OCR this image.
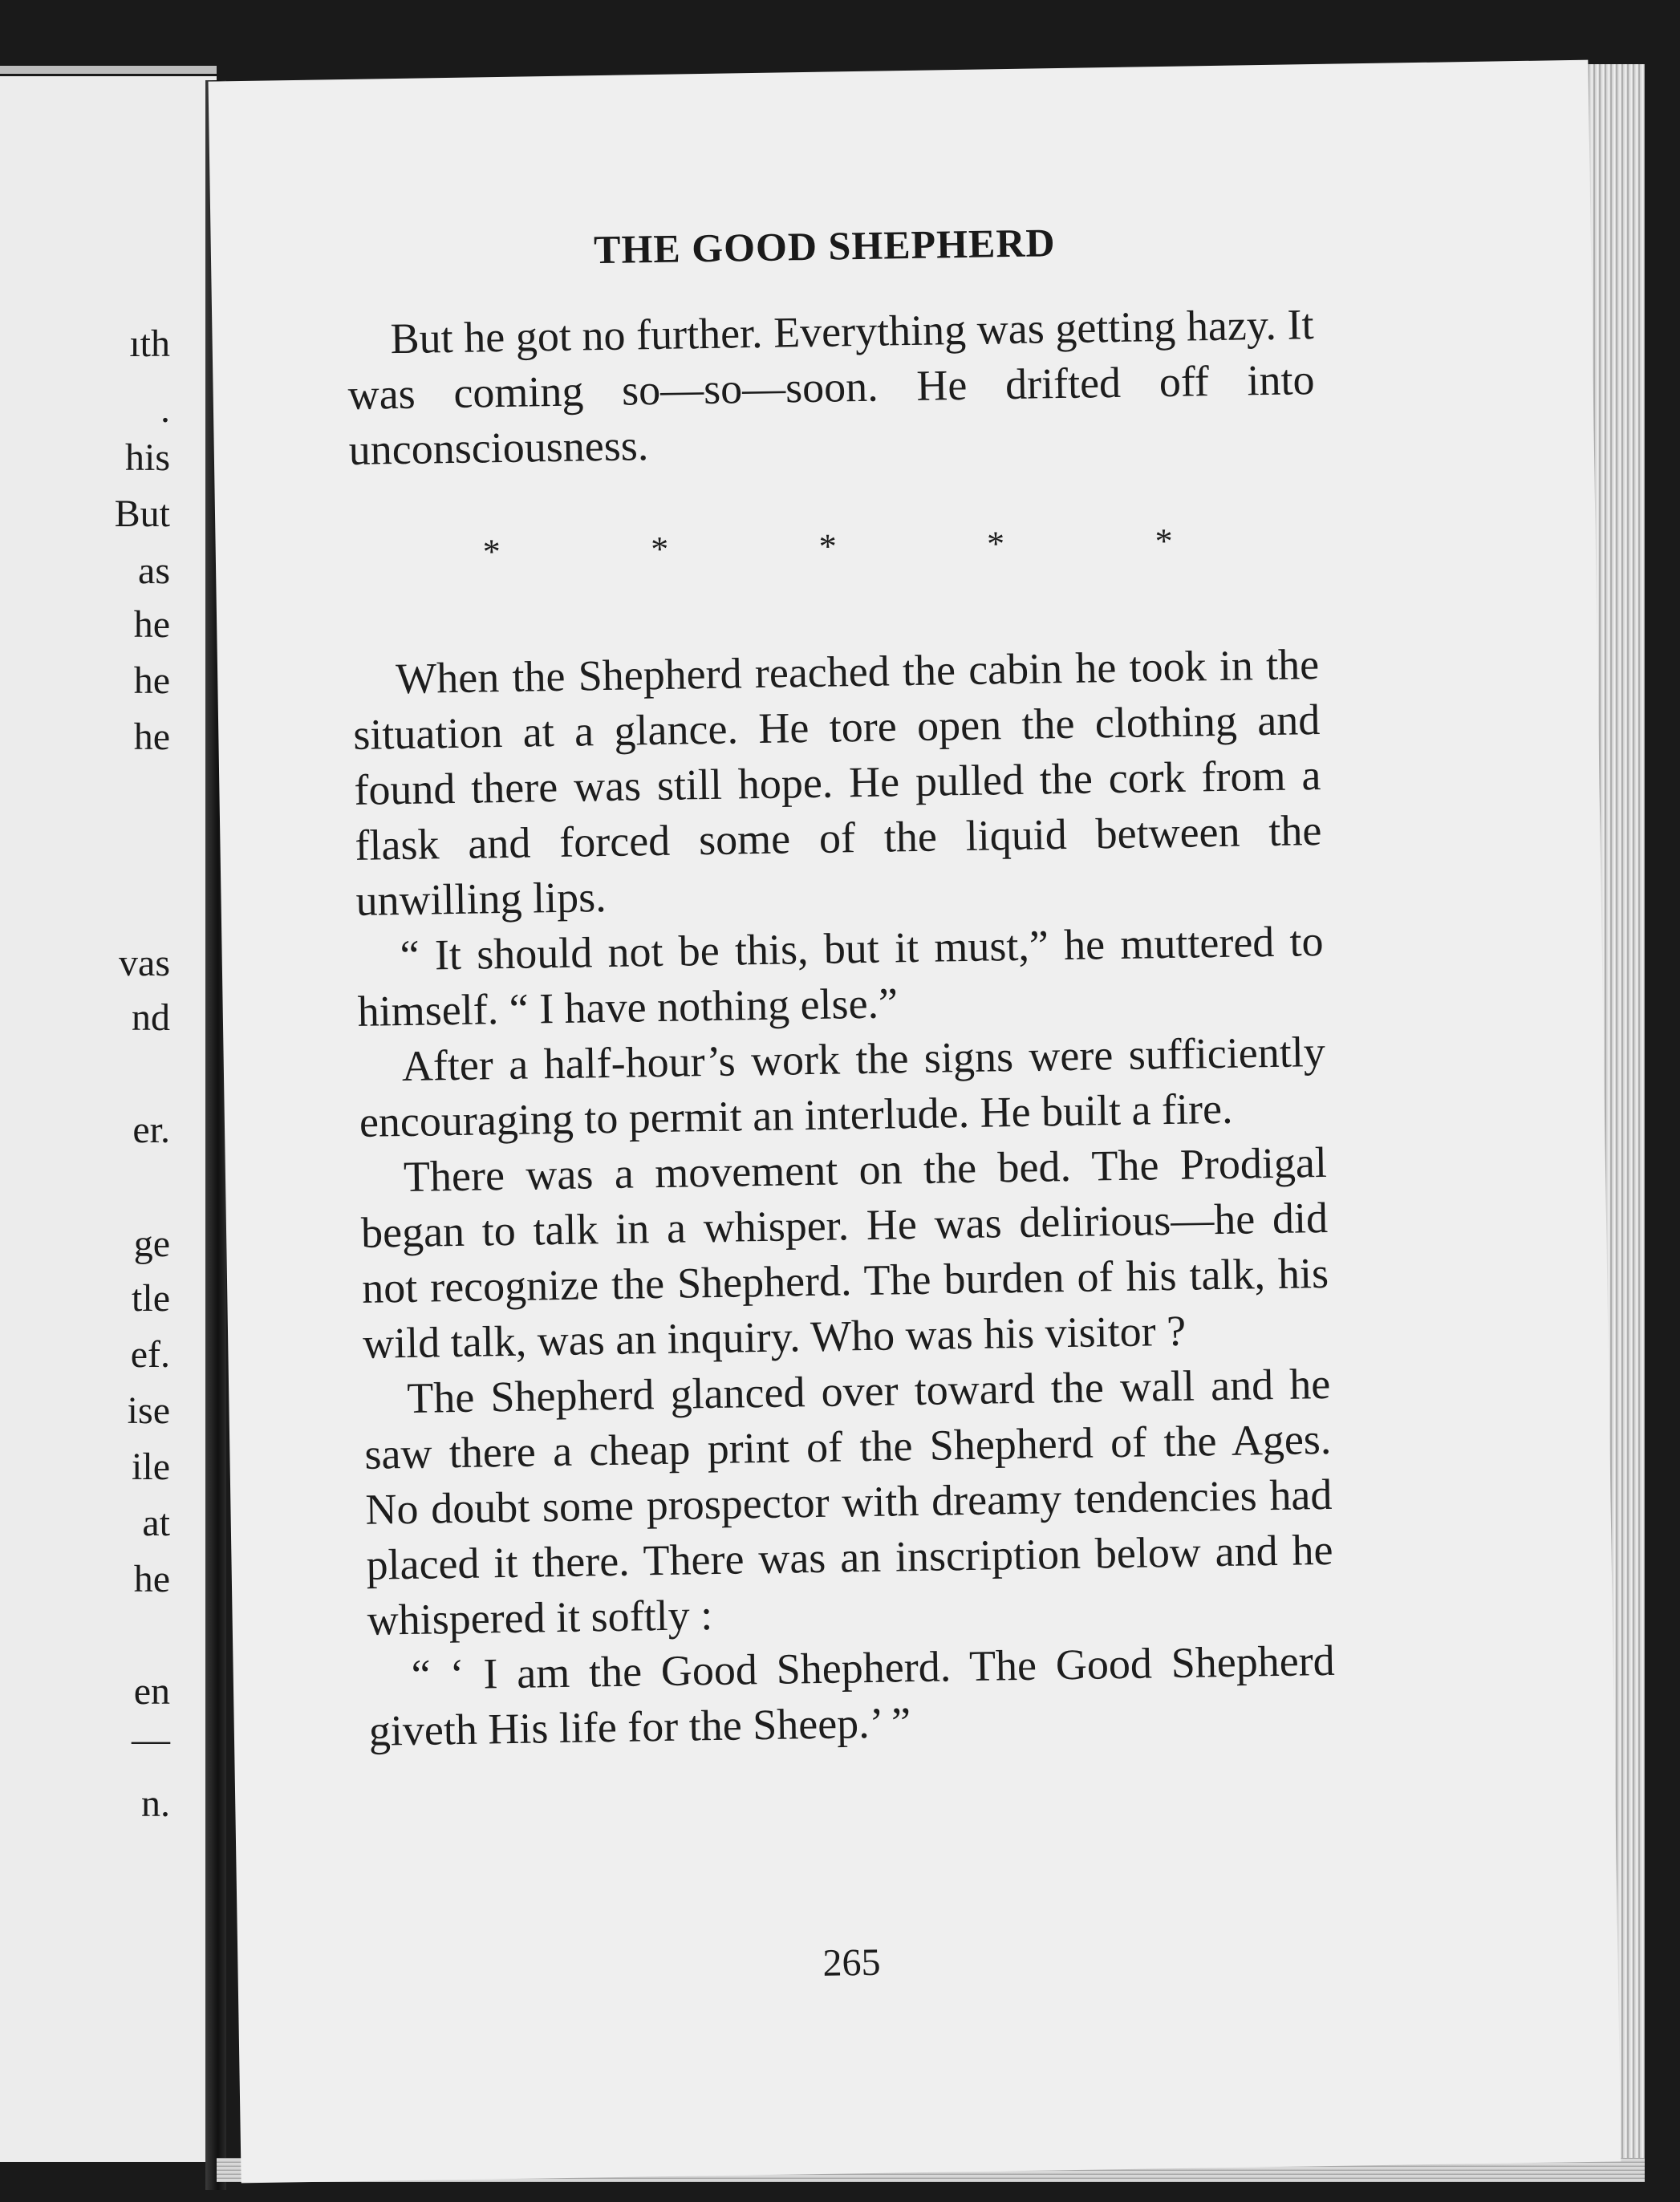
ıth

.

his

But

as

he

he

he

vas

nd

er.

ge

tle

ef.

ise

ile

at

he

en

—

n.

THE GOOD SHEPHERD

But he got no further. Everything was getting hazy. It was coming so—so—soon. He drifted off into unconsciousness.

*	*	*	*	*

When the Shepherd reached the cabin he took in the situation at a glance. He tore open the clothing and found there was still hope. He pulled the cork from a flask and forced some of the liquid between the unwilling lips.

“ It should not be this, but it must,” he muttered to himself. “ I have nothing else.”

After a half-hour’s work the signs were sufficiently encouraging to permit an interlude. He built a fire.

There was a movement on the bed. The Prodigal began to talk in a whisper. He was delirious—he did not recognize the Shepherd. The burden of his talk, his wild talk, was an inquiry. Who was his visitor ?

The Shepherd glanced over toward the wall and he saw there a cheap print of the Shepherd of the Ages. No doubt some prospector with dreamy tendencies had placed it there. There was an inscription below and he whispered it softly :

“ ‘ I am the Good Shepherd. The Good Shepherd giveth His life for the Sheep.’ ”

265
